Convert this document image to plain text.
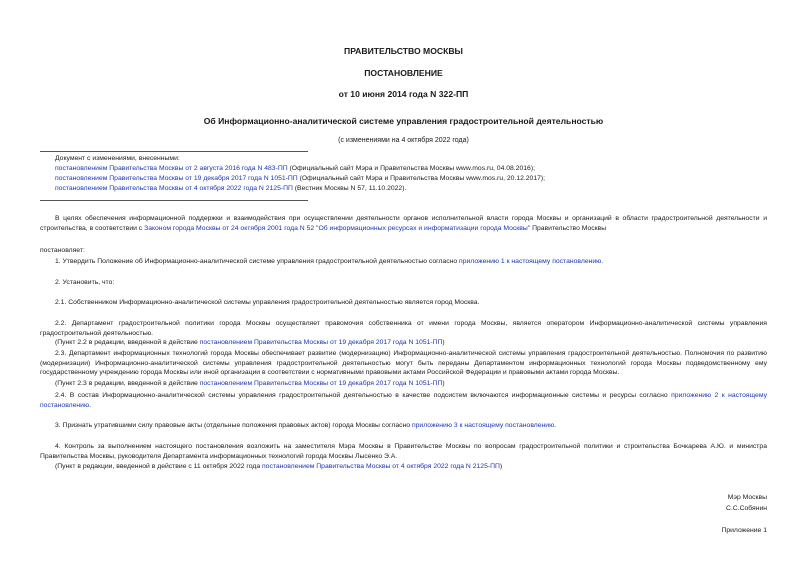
ПРАВИТЕЛЬСТВО МОСКВЫ
ПОСТАНОВЛЕНИЕ
от 10 июня 2014 года N 322-ПП
Об Информационно-аналитической системе управления градостроительной деятельностью
(с изменениями на 4 октября 2022 года)
Документ с изменениями, внесенными:
постановлением Правительства Москвы от 2 августа 2016 года N 483-ПП (Официальный сайт Мэра и Правительства Москвы www.mos.ru, 04.08.2016);
постановлением Правительства Москвы от 19 декабря 2017 года N 1051-ПП (Официальный сайт Мэра и Правительства Москвы www.mos.ru, 20.12.2017);
постановлением Правительства Москвы от 4 октября 2022 года N 2125-ПП (Вестник Москвы N 57, 11.10.2022).
В целях обеспечения информационной поддержки и взаимодействия при осуществлении деятельности органов исполнительной власти города Москвы и организаций в области градостроительной деятельности и строительства, в соответствии с Законом города Москвы от 24 октября 2001 года N 52 "Об информационных ресурсах и информатизации города Москвы" Правительство Москвы
постановляет:
1. Утвердить Положение об Информационно-аналитической системе управления градостроительной деятельностью согласно приложению 1 к настоящему постановлению.
2. Установить, что:
2.1. Собственником Информационно-аналитической системы управления градостроительной деятельностью является город Москва.
2.2. Департамент градостроительной политики города Москвы осуществляет правомочия собственника от имени города Москвы, является оператором Информационно-аналитической системы управления градостроительной деятельностью.
(Пункт 2.2 в редакции, введенной в действие постановлением Правительства Москвы от 19 декабря 2017 года N 1051-ПП)
2.3. Департамент информационных технологий города Москвы обеспечивает развитие (модернизацию) Информационно-аналитической системы управления градостроительной деятельностью. Полномочия по развитию (модернизации) Информационно-аналитической системы управления градостроительной деятельностью могут быть переданы Департаментом информационных технологий города Москвы подведомственному ему государственному учреждению города Москвы или иной организации в соответствии с нормативными правовыми актами Российской Федерации и правовыми актами города Москвы.
(Пункт 2.3 в редакции, введенной в действие постановлением Правительства Москвы от 19 декабря 2017 года N 1051-ПП)
2.4. В состав Информационно-аналитической системы управления градостроительной деятельностью в качестве подсистем включаются информационные системы и ресурсы согласно приложению 2 к настоящему постановлению.
3. Признать утратившими силу правовые акты (отдельные положения правовых актов) города Москвы согласно приложению 3 к настоящему постановлению.
4. Контроль за выполнением настоящего постановления возложить на заместителя Мэра Москвы в Правительстве Москвы по вопросам градостроительной политики и строительства Бочкарева А.Ю. и министра Правительства Москвы, руководителя Департамента информационных технологий города Москвы Лысенко Э.А.
(Пункт в редакции, введенной в действие с 11 октября 2022 года постановлением Правительства Москвы от 4 октября 2022 года N 2125-ПП)
Мэр Москвы
С.С.Собянин
Приложение 1
